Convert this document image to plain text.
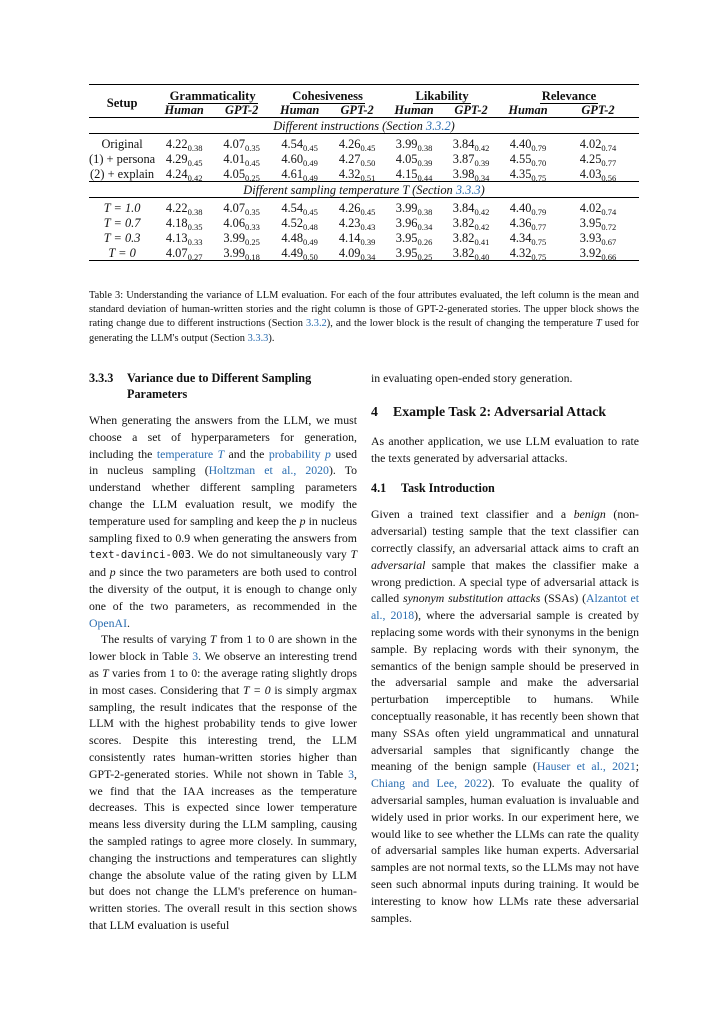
Setup	Grammaticality		Cohesiveness		Likability		Relevance	
	Human	GPT-2	Human	GPT-2	Human	GPT-2	Human	GPT-2
Different instructions (Section 3.3.2)								
Original	$4.22_{0.38}$	$4.07_{0.35}$	$4.54_{0.45}$	$4.26_{0.45}$	$3.99_{0.38}$	$3.84_{0.42}$	$4.40_{0.79}$	$4.02_{0.74}$
(1) + persona	$4.29_{0.45}$	$4.01_{0.45}$	$4.60_{0.49}$	$4.27_{0.50}$	$4.05_{0.39}$	$3.87_{0.39}$	$4.55_{0.70}$	$4.25_{0.77}$
(2) + explain	$4.24_{0.42}$	$4.05_{0.25}$	$4.61_{0.49}$	$4.32_{0.51}$	$4.15_{0.44}$	$3.98_{0.34}$	$4.35_{0.75}$	$4.03_{0.56}$
Different sampling temperature T (Section 3.3.3)								
T = 1.0	$4.22_{0.38}$	$4.07_{0.35}$	$4.54_{0.45}$	$4.26_{0.45}$	$3.99_{0.38}$	$3.84_{0.42}$	$4.40_{0.79}$	$4.02_{0.74}$
T = 0.7	$4.18_{0.35}$	$4.06_{0.33}$	$4.52_{0.48}$	$4.23_{0.43}$	$3.96_{0.34}$	$3.82_{0.42}$	$4.36_{0.77}$	$3.95_{0.72}$
T = 0.3	$4.13_{0.33}$	$3.99_{0.25}$	$4.48_{0.49}$	$4.14_{0.39}$	$3.95_{0.26}$	$3.82_{0.41}$	$4.34_{0.75}$	$3.93_{0.67}$
T = 0	$4.07_{0.27}$	$3.99_{0.18}$	$4.49_{0.50}$	$4.09_{0.34}$	$3.95_{0.25}$	$3.82_{0.40}$	$4.32_{0.75}$	$3.92_{0.66}$
Table 3: Understanding the variance of LLM evaluation. For each of the four attributes evaluated, the left column is the mean and standard deviation of human-written stories and the right column is those of GPT-2-generated stories. The upper block shows the rating change due to different instructions (Section 3.3.2), and the lower block is the result of changing the temperature T used for generating the LLM's output (Section 3.3.3).
3.3.3	Variance due to Different Sampling Parameters

When generating the answers from the LLM, we must choose a set of hyperparameters for generation, including the temperature T and the probability p used in nucleus sampling (Holtzman et al., 2020). To understand whether different sampling parameters change the LLM evaluation result, we modify the temperature used for sampling and keep the p in nucleus sampling fixed to 0.9 when generating the answers from text-davinci-003. We do not simultaneously vary T and p since the two parameters are both used to control the diversity of the output, it is enough to change only one of the two parameters, as recommended in the OpenAI.

The results of varying T from 1 to 0 are shown in the lower block in Table 3. We observe an interesting trend as T varies from 1 to 0: the average rating slightly drops in most cases. Considering that T = 0 is simply argmax sampling, the result indicates that the response of the LLM with the highest probability tends to give lower scores. Despite this interesting trend, the LLM consistently rates human-written stories higher than GPT-2-generated stories. While not shown in Table 3, we find that the IAA increases as the temperature decreases. This is expected since lower temperature means less diversity during the LLM sampling, causing the sampled ratings to agree more closely. In summary, changing the instructions and temperatures can slightly change the absolute value of the rating given by LLM but does not change the LLM's preference on human-written stories. The overall result in this section shows that LLM evaluation is useful

in evaluating open-ended story generation.

4	Example Task 2: Adversarial Attack

As another application, we use LLM evaluation to rate the texts generated by adversarial attacks.

4.1	Task Introduction

Given a trained text classifier and a benign (non-adversarial) testing sample that the text classifier can correctly classify, an adversarial attack aims to craft an adversarial sample that makes the classifier make a wrong prediction. A special type of adversarial attack is called synonym substitution attacks (SSAs) (Alzantot et al., 2018), where the adversarial sample is created by replacing some words with their synonyms in the benign sample. By replacing words with their synonym, the semantics of the benign sample should be preserved in the adversarial sample and make the adversarial perturbation imperceptible to humans. While conceptually reasonable, it has recently been shown that many SSAs often yield ungrammatical and unnatural adversarial samples that significantly change the meaning of the benign sample (Hauser et al., 2021; Chiang and Lee, 2022). To evaluate the quality of adversarial samples, human evaluation is invaluable and widely used in prior works. In our experiment here, we would like to see whether the LLMs can rate the quality of adversarial samples like human experts. Adversarial samples are not normal texts, so the LLMs may not have seen such abnormal inputs during training. It would be interesting to know how LLMs rate these adversarial samples.
